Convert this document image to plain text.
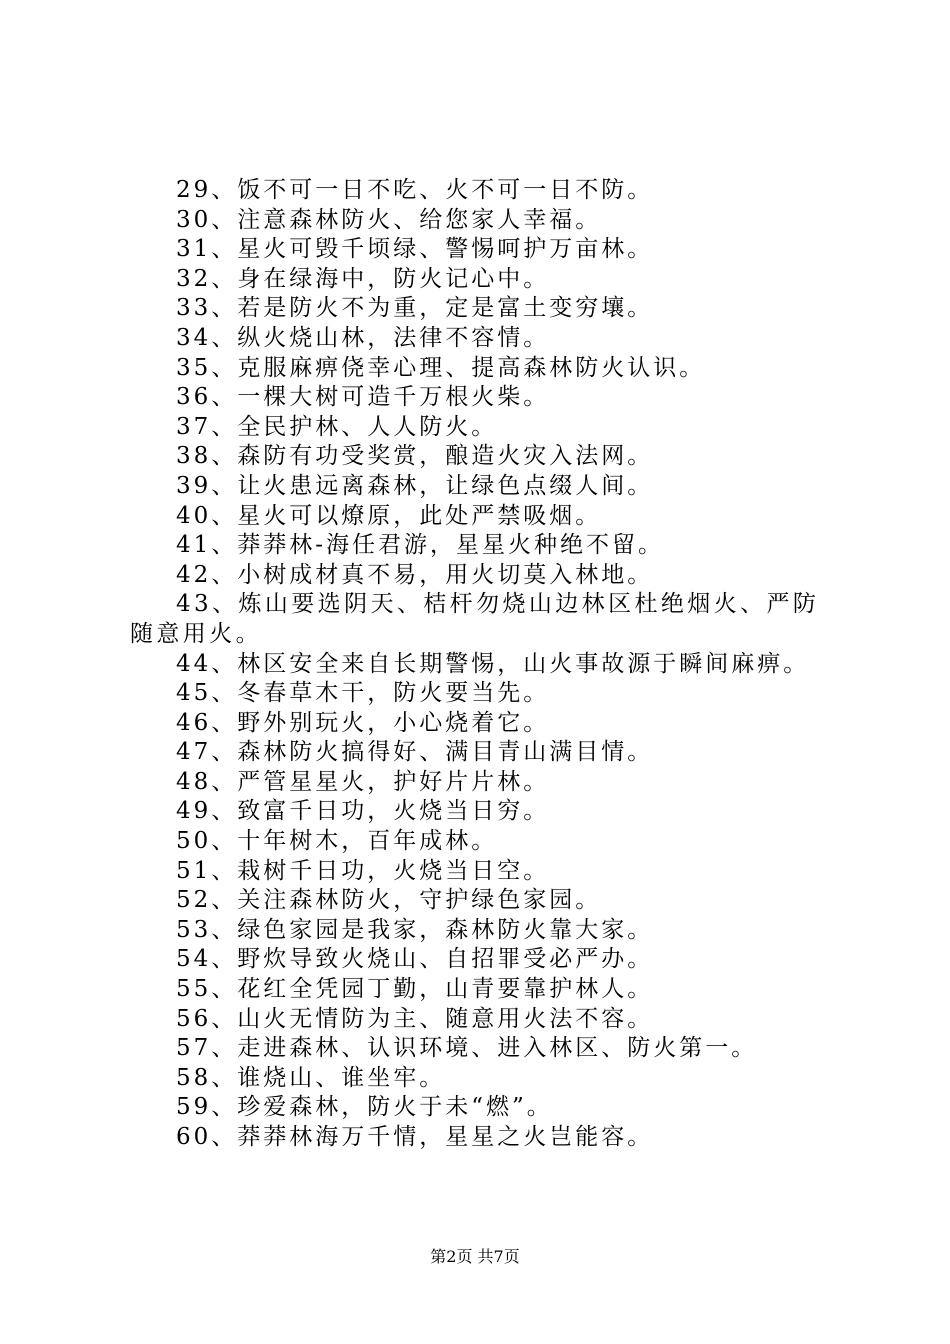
29、饭不可一日不吃、火不可一日不防。
30、注意森林防火、给您家人幸福。
31、星火可毁千顷绿、警惕呵护万亩林。
32、身在绿海中，防火记心中。
33、若是防火不为重，定是富土变穷壤。
34、纵火烧山林，法律不容情。
35、克服麻痹侥幸心理、提高森林防火认识。
36、一棵大树可造千万根火柴。
37、全民护林、人人防火。
38、森防有功受奖赏，酿造火灾入法网。
39、让火患远离森林，让绿色点缀人间。
40、星火可以燎原，此处严禁吸烟。
41、莽莽林-海任君游，星星火种绝不留。
42、小树成材真不易，用火切莫入林地。
43、炼山要选阴天、桔杆勿烧山边林区杜绝烟火、严防随意用火。
44、林区安全来自长期警惕，山火事故源于瞬间麻痹。
45、冬春草木干，防火要当先。
46、野外别玩火，小心烧着它。
47、森林防火搞得好、满目青山满目情。
48、严管星星火，护好片片林。
49、致富千日功，火烧当日穷。
50、十年树木，百年成林。
51、栽树千日功，火烧当日空。
52、关注森林防火，守护绿色家园。
53、绿色家园是我家，森林防火靠大家。
54、野炊导致火烧山、自招罪受必严办。
55、花红全凭园丁勤，山青要靠护林人。
56、山火无情防为主、随意用火法不容。
57、走进森林、认识环境、进入林区、防火第一。
58、谁烧山、谁坐牢。
59、珍爱森林，防火于未“燃”。
60、莽莽林海万千情，星星之火岂能容。
第2页 共7页
